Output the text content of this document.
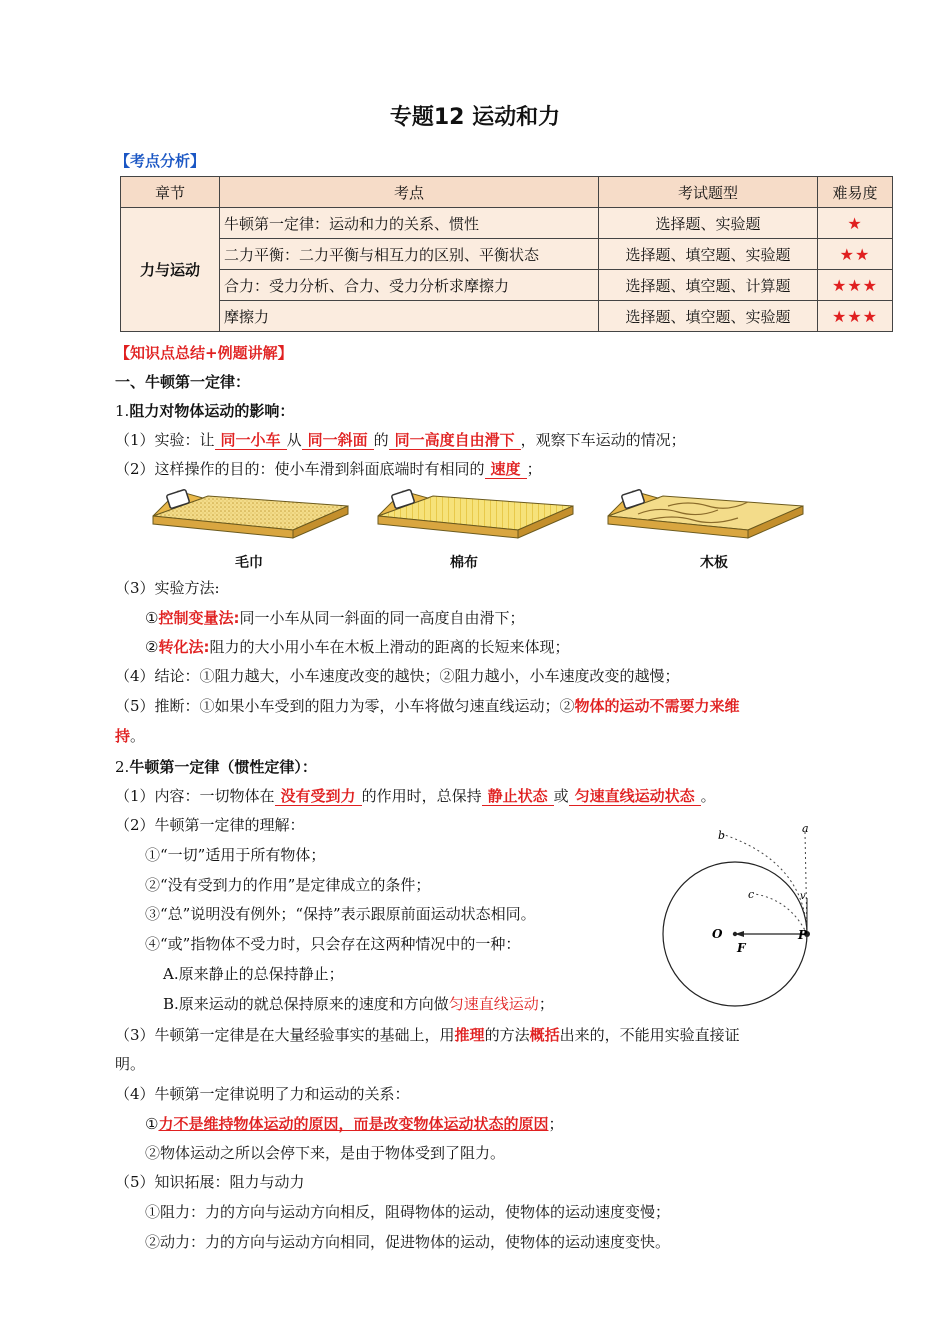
专题12 运动和力
【考点分析】
章节	考点	考试题型	难易度
力与运动	牛顿第一定律：运动和力的关系、惯性	选择题、实验题	★
	二力平衡：二力平衡与相互力的区别、平衡状态	选择题、填空题、实验题	★★
	合力：受力分析、合力、受力分析求摩擦力	选择题、填空题、计算题	★★★
	摩擦力	选择题、填空题、实验题	★★★
【知识点总结+例题讲解】
一、牛顿第一定律：
1.阻力对物体运动的影响：
（1）实验：让 同一小车 从 同一斜面 的 同一高度自由滑下 ，观察下车运动的情况；
（2）这样操作的目的：使小车滑到斜面底端时有相同的 速度 ；
毛巾	棉布	木板
（3）实验方法:
①控制变量法:同一小车从同一斜面的同一高度自由滑下；
②转化法:阻力的大小用小车在木板上滑动的距离的长短来体现；
（4）结论：①阻力越大，小车速度改变的越快；②阻力越小，小车速度改变的越慢；
（5）推断：①如果小车受到的阻力为零，小车将做匀速直线运动；②物体的运动不需要力来维
持。
2.牛顿第一定律（惯性定律）：
（1）内容：一切物体在 没有受到力 的作用时，总保持 静止状态 或 匀速直线运动状态 。
（2）牛顿第一定律的理解：
①“一切”适用于所有物体；
②“没有受到力的作用”是定律成立的条件；
③“总”说明没有例外；“保持”表示跟原前面运动状态相同。
④“或”指物体不受力时，只会存在这两种情况中的一种：
A.原来静止的总保持静止；
B.原来运动的就总保持原来的速度和方向做匀速直线运动；
b
a
c	v
O
F
P
（3）牛顿第一定律是在大量经验事实的基础上，用推理的方法概括出来的，不能用实验直接证
明。
（4）牛顿第一定律说明了力和运动的关系：
①力不是维持物体运动的原因，而是改变物体运动状态的原因；
②物体运动之所以会停下来，是由于物体受到了阻力。
（5）知识拓展：阻力与动力
①阻力：力的方向与运动方向相反，阻碍物体的运动，使物体的运动速度变慢；
②动力：力的方向与运动方向相同，促进物体的运动，使物体的运动速度变快。
